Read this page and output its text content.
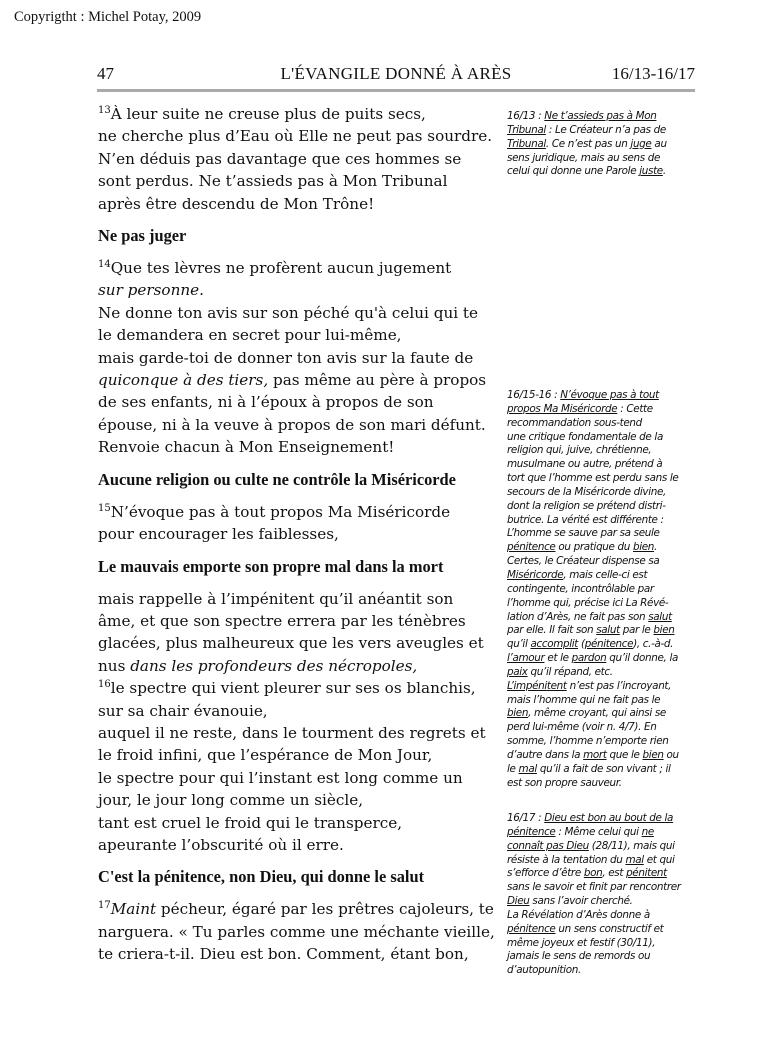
Copyrigtht : Michel Potay, 2009
47	L'ÉVANGILE DONNÉ À ARÈS	16/13-16/17

$^{13}$À leur suite ne creuse plus de puits secs,
ne cherche plus d’Eau où Elle ne peut pas sourdre.
N’en déduis pas davantage que ces hommes se
sont perdus. Ne t’assieds pas à Mon Tribunal
après être descendu de Mon Trône!

Ne pas juger

$^{14}$Que tes lèvres ne profèrent aucun jugement
sur personne.
Ne donne ton avis sur son péché qu'à celui qui te
le demandera en secret pour lui-même,
mais garde-toi de donner ton avis sur la faute de
quiconque à des tiers, pas même au père à propos
de ses enfants, ni à l’époux à propos de son
épouse, ni à la veuve à propos de son mari défunt.
Renvoie chacun à Mon Enseignement!

Aucune religion ou culte ne contrôle la Miséricorde

$^{15}$N’évoque pas à tout propos Ma Miséricorde
pour encourager les faiblesses,

Le mauvais emporte son propre mal dans la mort

mais rappelle à l’impénitent qu’il anéantit son
âme, et que son spectre errera par les ténèbres
glacées, plus malheureux que les vers aveugles et
nus dans les profondeurs des nécropoles,

$^{16}$le spectre qui vient pleurer sur ses os blanchis,
sur sa chair évanouie,
auquel il ne reste, dans le tourment des regrets et
le froid infini, que l’espérance de Mon Jour,
le spectre pour qui l’instant est long comme un
jour, le jour long comme un siècle,
tant est cruel le froid qui le transperce,
apeurante l’obscurité où il erre.

C'est la pénitence, non Dieu, qui donne le salut

$^{17}$Maint pécheur, égaré par les prêtres cajoleurs, te
narguera. « Tu parles comme une méchante vieille,
te criera-t-il. Dieu est bon. Comment, étant bon,

16/13 : Ne t’assieds pas à Mon
Tribunal : Le Créateur n’a pas de
Tribunal. Ce n’est pas un juge au
sens juridique, mais au sens de
celui qui donne une Parole juste.
16/15-16 : N’évoque pas à tout
propos Ma Miséricorde : Cette
recommandation sous-tend
une critique fondamentale de la
religion qui, juive, chrétienne,
musulmane ou autre, prétend à
tort que l’homme est perdu sans le
secours de la Miséricorde divine,
dont la religion se prétend distri-
butrice. La vérité est différente :
L’homme se sauve par sa seule
pénitence ou pratique du bien.
Certes, le Créateur dispense sa
Miséricorde, mais celle-ci est
contingente, incontrôlable par
l’homme qui, précise ici La Révé-
lation d’Arès, ne fait pas son salut
par elle. Il fait son salut par le bien
qu’il accomplit (pénitence), c.-à-d.
l’amour et le pardon qu’il donne, la
paix qu’il répand, etc.
L’impénitent n’est pas l’incroyant,
mais l’homme qui ne fait pas le
bien, même croyant, qui ainsi se
perd lui-même (voir n. 4/7). En
somme, l’homme n’emporte rien
d’autre dans la mort que le bien ou
le mal qu’il a fait de son vivant ; il
est son propre sauveur.
16/17 : Dieu est bon au bout de la
pénitence : Même celui qui ne
connaît pas Dieu (28/11), mais qui
résiste à la tentation du mal et qui
s’efforce d’être bon, est pénitent
sans le savoir et finit par rencontrer
Dieu sans l’avoir cherché.
La Révélation d’Arès donne à
pénitence un sens constructif et
même joyeux et festif (30/11),
jamais le sens de remords ou
d’autopunition.
